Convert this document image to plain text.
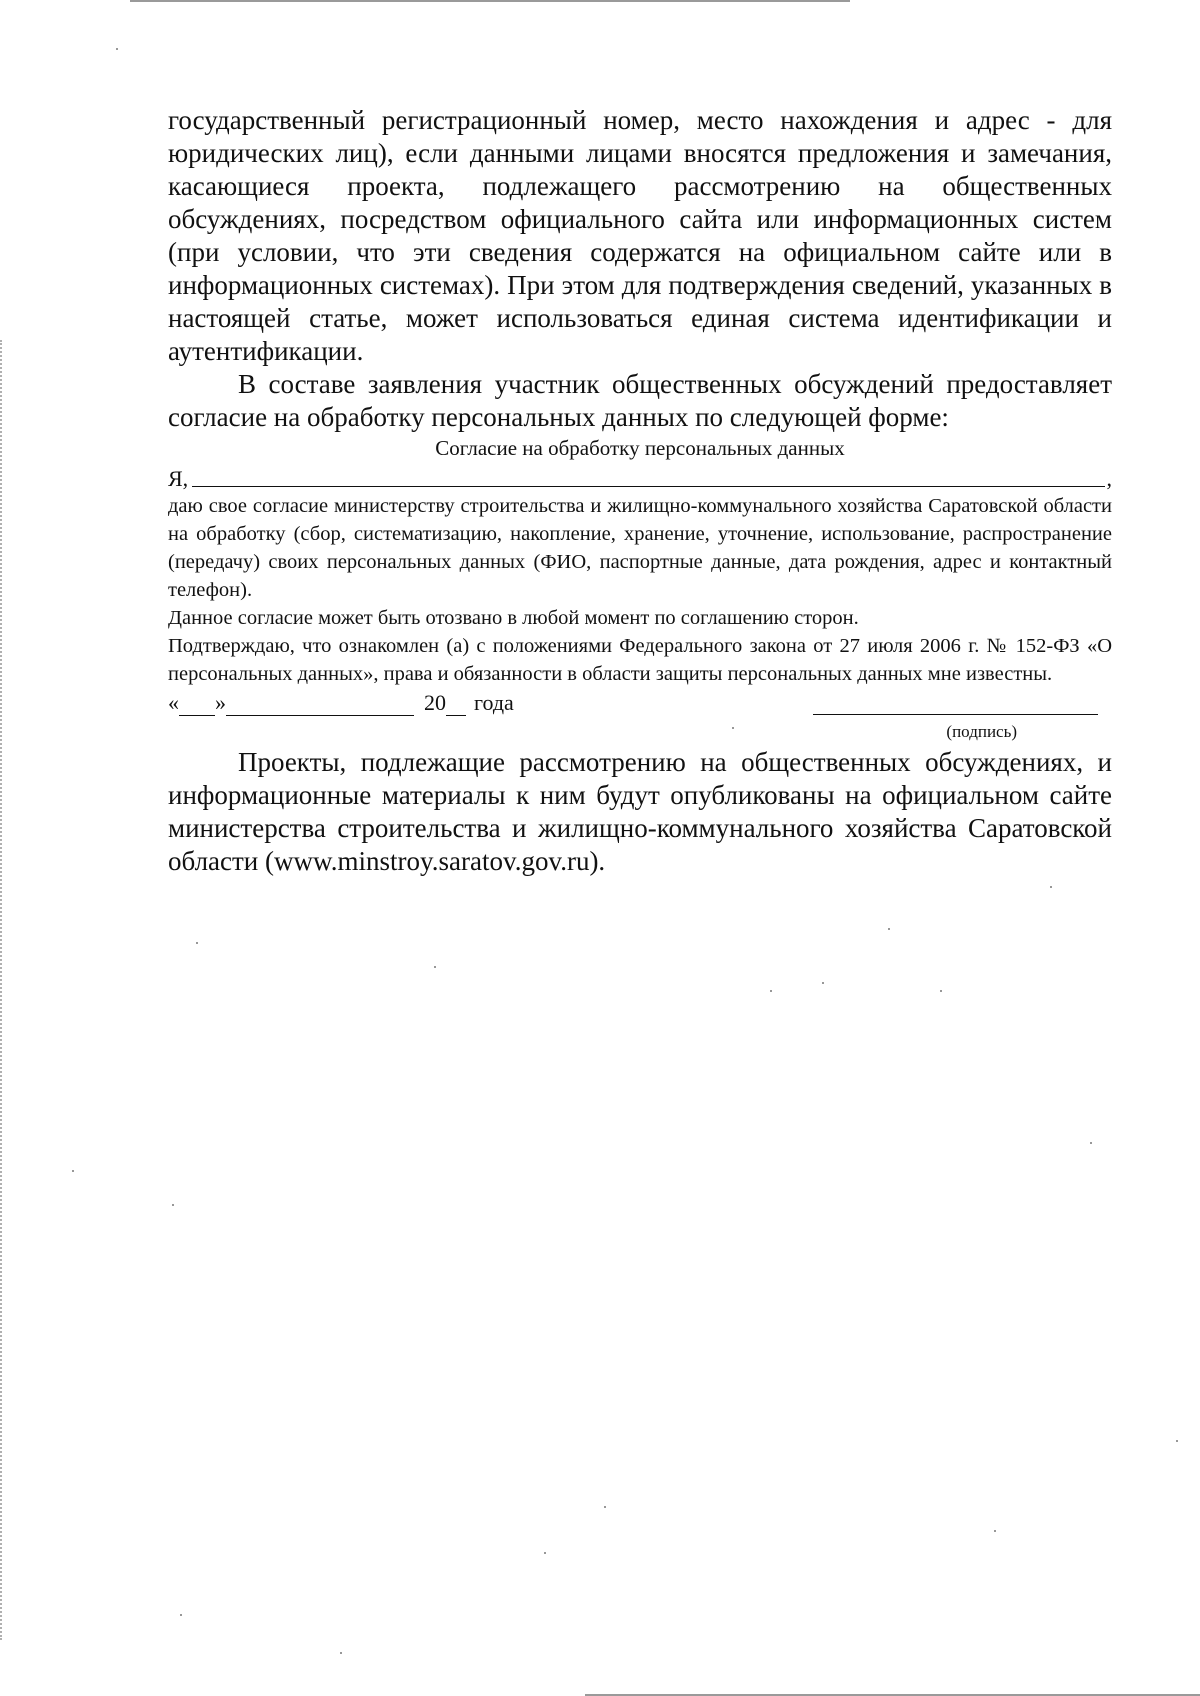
государственный регистрационный номер, место нахождения и адрес - для юридических лиц), если данными лицами вносятся предложения и замечания, касающиеся проекта, подлежащего рассмотрению на общественных обсуждениях, посредством официального сайта или информационных систем (при условии, что эти сведения содержатся на официальном сайте или в информационных системах). При этом для подтверждения сведений, указанных в настоящей статье, может использоваться единая система идентификации и аутентификации.

В составе заявления участник общественных обсуждений предоставляет согласие на обработку персональных данных по следующей форме:

Согласие на обработку персональных данных

Я,	,

даю свое согласие министерству строительства и жилищно-коммунального хозяйства Саратовской области на обработку (сбор, систематизацию, накопление, хранение, уточнение, использование, распространение (передачу) своих персональных данных (ФИО, паспортные данные, дата рождения, адрес и контактный телефон).

Данное согласие может быть отозвано в любой момент по соглашению сторон.

Подтверждаю, что ознакомлен (а) с положениями Федерального закона от 27 июля 2006 г. № 152-ФЗ «О персональных данных», права и обязанности в области защиты персональных данных мне известны.

« »	20 года

(подпись)

Проекты, подлежащие рассмотрению на общественных обсуждениях, и информационные материалы к ним будут опубликованы на официальном сайте министерства строительства и жилищно-коммунального хозяйства Саратовской области (www.minstroy.saratov.gov.ru).
